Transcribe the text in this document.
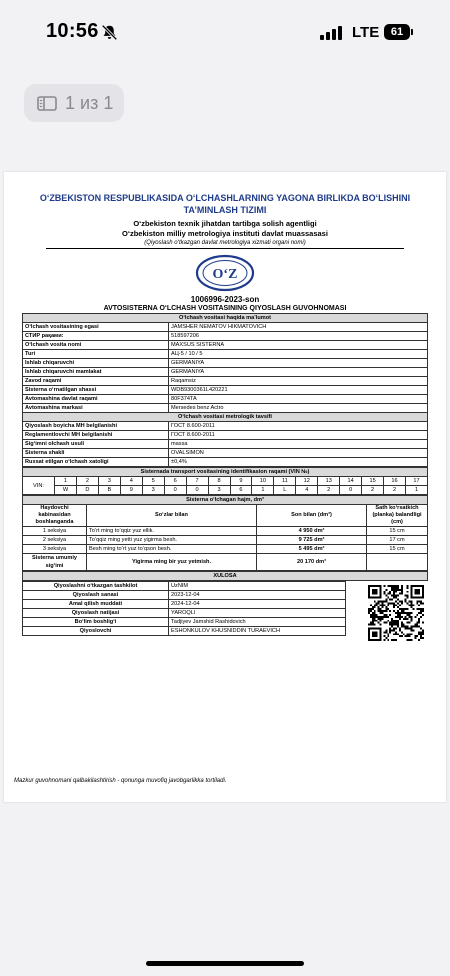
10:56	LTE	61
1 из 1
O‘ZBEKISTON RESPUBLIKASIDA O‘LCHASHLARNING YAGONA BIRLIKDA BO‘LISHINI
TA’MINLASH TIZIMI
O‘zbekiston texnik jihatdan tartibga solish agentligi
O‘zbekiston milliy metrologiya instituti davlat muassasasi
(Qiyoslash o‘tkazgan davlat metrologiya xizmati organi nomi)
O‘Z
1006996-2023-son
AVTOSISTERNA O‘LCHASH VOSITASINING QIYOSLASH GUVOHNOMASI
O‘lchash vositasi haqida ma’lumot	
O‘lchash vositasining egasi	JAMSHER NEMATOV HIKMATOVICH
СТИР рақами:	518597206
O‘lchash vosita nomi	MAXSUS SISTERNA
Turi	АЦ-5 / 10 / 5
Ishlab chiqaruvchi	GERMANIYA
Ishlab chiqaruvchi mamlakat	GERMANIYA
Zavod raqami	Raqamsiz
Sisterna o‘rnatilgan shassi	WDB9300361L420221
Avtomashina davlat raqami	80F374TA
Avtomashina markasi	Mersedes benz Actro
O‘lchash vositasi metrologik tavsifi	
Qiyoslash boyicha MH belgilanishi	ГОСТ 8.600-2011
Reglamentlovchi MH belgilanishi	ГОСТ 8.600-2011
Sig‘imni olchash usuli	massa
Sisterna shakli	OVALSIMON
Ruxsat etilgan o‘lchash xatoligi	±0,4%
Sisternada transport vositasining identifikasion raqami (VIN №)																	
VIN:	1	2	3	4	5	6	7	8	9	10	11	12	13	14	15	16	17
	W	D	B	9	3	0	0	3	6	1	L	4	2	0	2	2	1
Sisterna o‘lchagan hajm, dm³			
Haydovchi kabinasidan boshlanganda	So‘zlar bilan	Son bilan (dm³)	Sath ko‘rsatkich (planka) balandligi (cm)
1 seksiya	To‘rt ming to‘qqiz yuz ellik.	4 950 dm³	15 cm
2 seksiya	To‘qqiz ming yetti yuz yigirma besh.	9 725 dm³	17 cm
3 seksiya	Besh ming to‘rt yuz to‘qson besh.	5 495 dm³	15 cm
Sisterna umumiy sig‘imi	Yigirma ming bir yuz yetmish.	20 170 dm³	
XULOSA
Qiyoslashni o‘tkazgan tashkilot	UzNIM
Qiyoslash sanasi	2023-12-04
Amal qilish muddati	2024-12-04
Qiyoslash natijasi	YAROQLI
Bo‘lim boshlig‘i	Tadjiyev Jamshid Rashidovich
Qiyoslovchi	ESHONKULOV KHUSNIDDIN TURAEVICH
Mazkur guvohnomani qalbakilashtirish - qonunga muvofiq javobgarlikka tortiladi.
